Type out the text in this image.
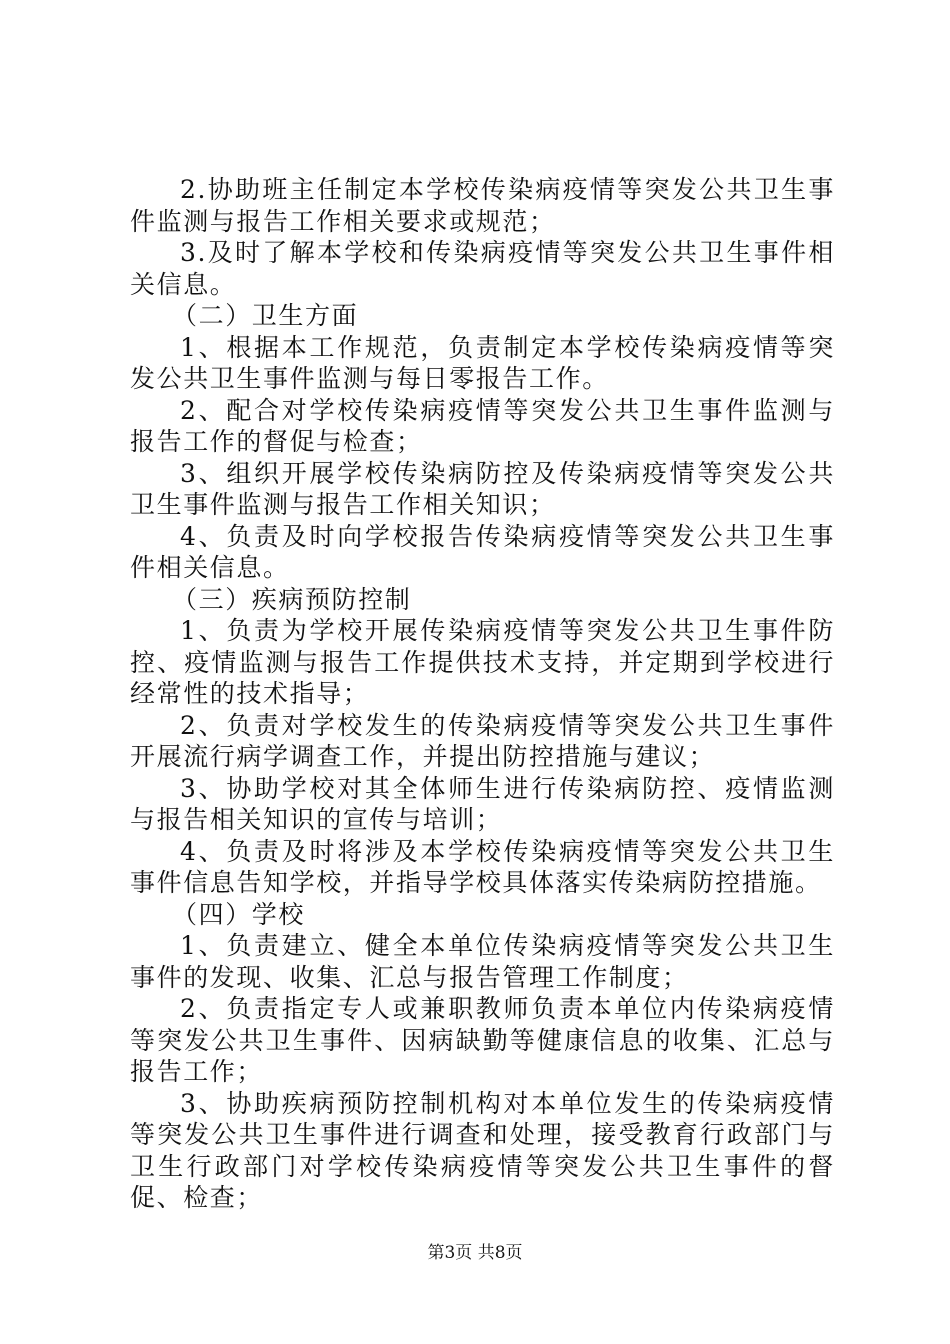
2.协助班主任制定本学校传染病疫情等突发公共卫生事件监测与报告工作相关要求或规范；

3.及时了解本学校和传染病疫情等突发公共卫生事件相关信息。

（二）卫生方面

1、根据本工作规范，负责制定本学校传染病疫情等突发公共卫生事件监测与每日零报告工作。

2、配合对学校传染病疫情等突发公共卫生事件监测与报告工作的督促与检查；

3、组织开展学校传染病防控及传染病疫情等突发公共卫生事件监测与报告工作相关知识；

4、负责及时向学校报告传染病疫情等突发公共卫生事件相关信息。

（三）疾病预防控制

1、负责为学校开展传染病疫情等突发公共卫生事件防控、疫情监测与报告工作提供技术支持，并定期到学校进行经常性的技术指导；

2、负责对学校发生的传染病疫情等突发公共卫生事件开展流行病学调查工作，并提出防控措施与建议；

3、协助学校对其全体师生进行传染病防控、疫情监测与报告相关知识的宣传与培训；

4、负责及时将涉及本学校传染病疫情等突发公共卫生事件信息告知学校，并指导学校具体落实传染病防控措施。

（四）学校

1、负责建立、健全本单位传染病疫情等突发公共卫生事件的发现、收集、汇总与报告管理工作制度；

2、负责指定专人或兼职教师负责本单位内传染病疫情等突发公共卫生事件、因病缺勤等健康信息的收集、汇总与报告工作；

3、协助疾病预防控制机构对本单位发生的传染病疫情等突发公共卫生事件进行调查和处理，接受教育行政部门与卫生行政部门对学校传染病疫情等突发公共卫生事件的督促、检查；

第3页 共8页
